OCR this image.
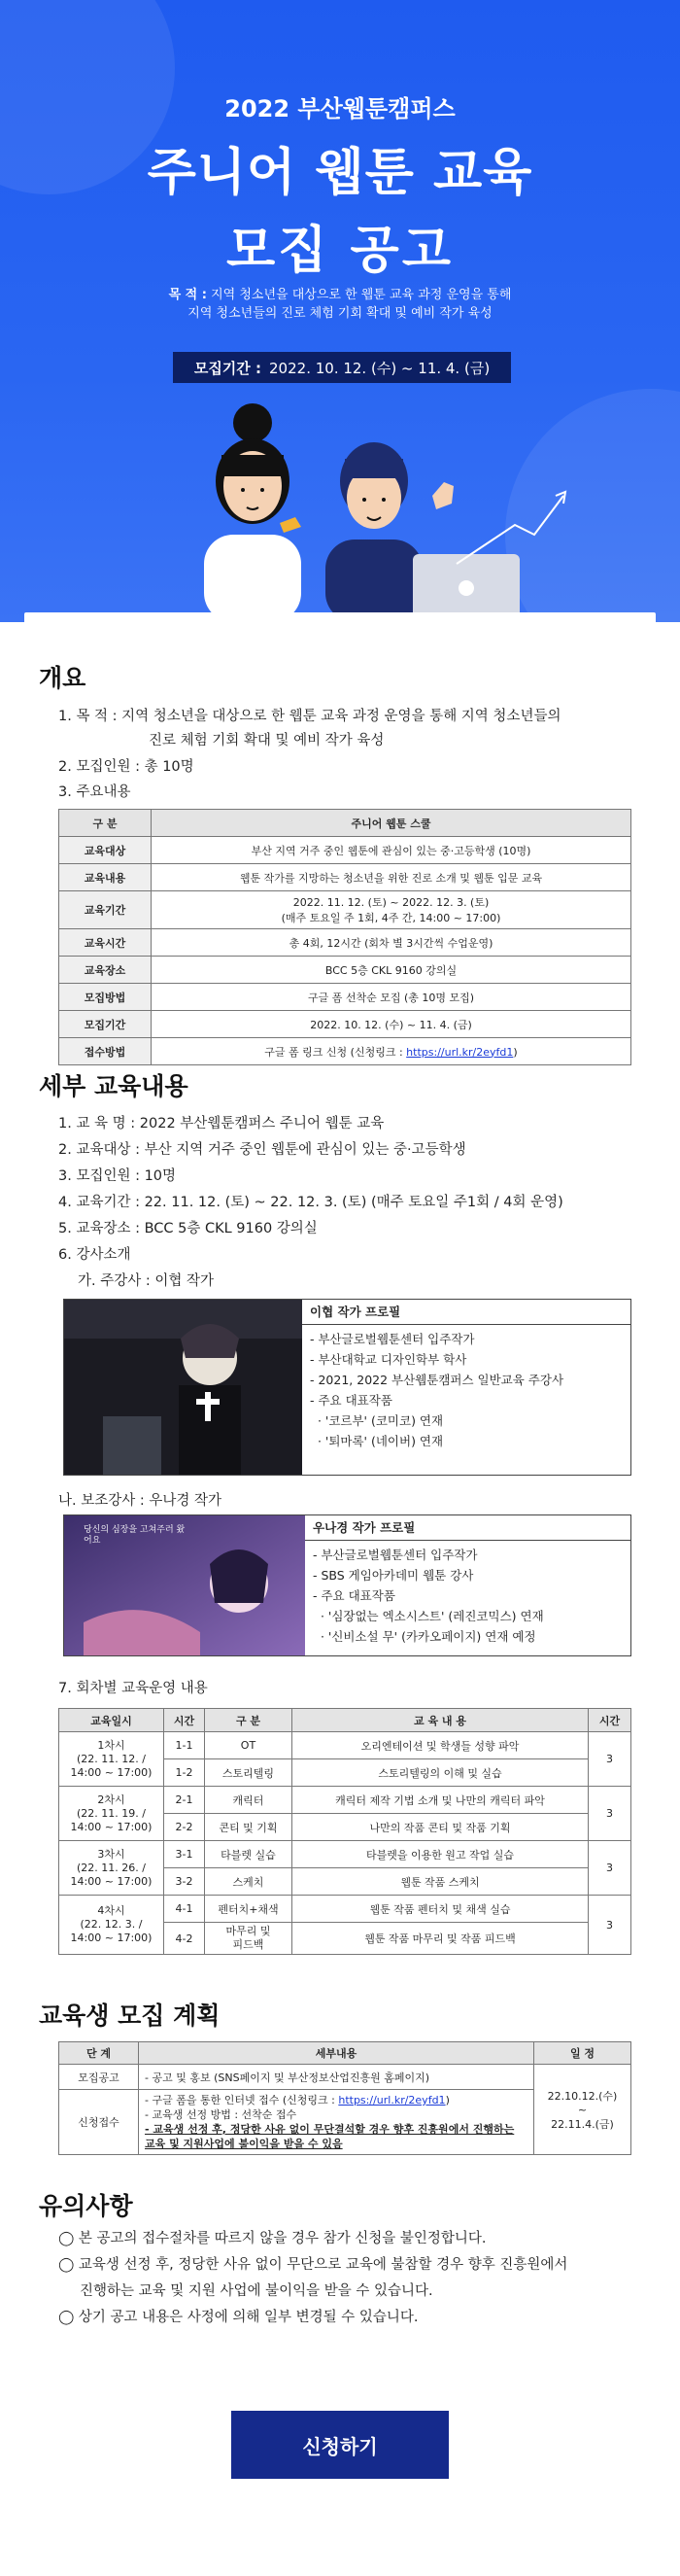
2022 부산웹툰캠퍼스
주니어 웹툰 교육
모집 공고
목 적 : 지역 청소년을 대상으로 한 웹툰 교육 과정 운영을 통해
지역 청소년들의 진로 체험 기회 확대 및 예비 작가 육성
모집기간 : 2022. 10. 12. (수) ~ 11. 4. (금)
개요
1. 목 적 : 지역 청소년을 대상으로 한 웹툰 교육 과정 운영을 통해 지역 청소년들의
진로 체험 기회 확대 및 예비 작가 육성
2. 모집인원 : 총 10명
3. 주요내용
구 분	주니어 웹툰 스쿨
교육대상	부산 지역 거주 중인 웹툰에 관심이 있는 중·고등학생 (10명)
교육내용	웹툰 작가를 지망하는 청소년을 위한 진로 소개 및 웹툰 입문 교육
교육기간	2022. 11. 12. (토) ~ 2022. 12. 3. (토)
(매주 토요일 주 1회, 4주 간, 14:00 ~ 17:00)

교육시간	총 4회, 12시간 (회차 별 3시간씩 수업운영)
교육장소	BCC 5층 CKL 9160 강의실
모집방법	구글 폼 선착순 모집 (총 10명 모집)
모집기간	2022. 10. 12. (수) ~ 11. 4. (금)
접수방법	구글 폼 링크 신청 (신청링크 : https://url.kr/2eyfd1)
세부 교육내용
1. 교 육 명 : 2022 부산웹툰캠퍼스 주니어 웹툰 교육
2. 교육대상 : 부산 지역 거주 중인 웹툰에 관심이 있는 중·고등학생
3. 모집인원 : 10명
4. 교육기간 : 22. 11. 12. (토) ~ 22. 12. 3. (토) (매주 토요일 주1회 / 4회 운영)
5. 교육장소 : BCC 5층 CKL 9160 강의실
6. 강사소개
가. 주강사 : 이협 작가
이협 작가 프로필
- 부산글로벌웹툰센터 입주작가
- 부산대학교 디자인학부 학사
- 2021, 2022 부산웹툰캠퍼스 일반교육 주강사
- 주요 대표작품
· '코르부' (코미코) 연재
· '퇴마록' (네이버) 연재
나. 보조강사 : 우나경 작가
당신의 심장을 고쳐주러 왔어요
우나경 작가 프로필
- 부산글로벌웹툰센터 입주작가
- SBS 게임아카데미 웹툰 강사
- 주요 대표작품
· '심장없는 엑소시스트' (레진코믹스) 연재
· '신비소설 무' (카카오페이지) 연재 예정
7. 회차별 교육운영 내용
교육일시	시간	구 분	교 육 내 용	시간
1차시
(22. 11. 12. /
14:00 ~ 17:00)	1-1	OT	오리엔테이션 및 학생들 성향 파악	3
	1-2	스토리텔링	스토리텔링의 이해 및 실습	
2차시
(22. 11. 19. /
14:00 ~ 17:00)	2-1	캐릭터	캐릭터 제작 기법 소개 및 나만의 캐릭터 파악	3
	2-2	콘티 및 기획	나만의 작품 콘티 및 작품 기획	
3차시
(22. 11. 26. /
14:00 ~ 17:00)	3-1	타블렛 실습	타블렛을 이용한 원고 작업 실습	3
	3-2	스케치	웹툰 작품 스케치	
4차시
(22. 12. 3. /
14:00 ~ 17:00)	4-1	펜터치+채색	웹툰 작품 펜터치 및 채색 실습	3
	4-2	마무리 및
피드백	웹툰 작품 마무리 및 작품 피드백	
교육생 모집 계획
단 계	세부내용	일 정
모집공고	- 공고 및 홍보 (SNS페이지 및 부산정보산업진흥원 홈페이지)	22.10.12.(수)
~
22.11.4.(금)

신청접수	- 구글 폼을 통한 인터넷 접수 (신청링크 : https://url.kr/2eyfd1)
- 교육생 선정 방법 : 선착순 접수
- 교육생 선정 후, 정당한 사유 없이 무단결석할 경우 향후 진흥원에서 진행하는 교육 및 지원사업에 불이익을 받을 수 있음	
유의사항
◯ 본 공고의 접수절차를 따르지 않을 경우 참가 신청을 불인정합니다.
◯ 교육생 선정 후, 정당한 사유 없이 무단으로 교육에 불참할 경우 향후 진흥원에서
진행하는 교육 및 지원 사업에 불이익을 받을 수 있습니다.
◯ 상기 공고 내용은 사정에 의해 일부 변경될 수 있습니다.
신청하기
